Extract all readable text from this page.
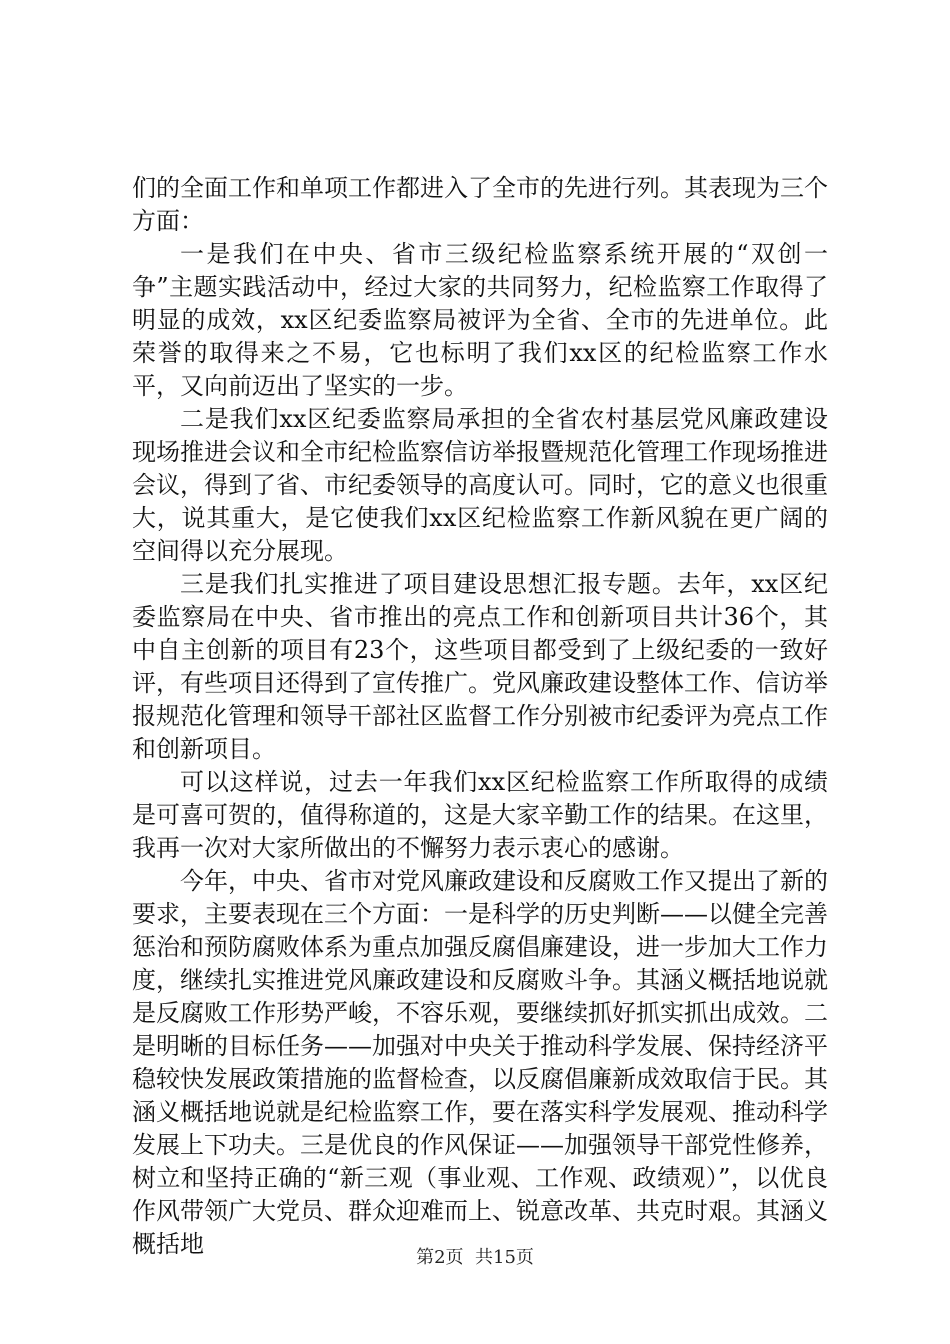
们的全面工作和单项工作都进入了全市的先进行列。其表现为三个方面：

一是我们在中央、省市三级纪检监察系统开展的“双创一争”主题实践活动中，经过大家的共同努力，纪检监察工作取得了明显的成效，xx区纪委监察局被评为全省、全市的先进单位。此荣誉的取得来之不易，它也标明了我们xx区的纪检监察工作水平，又向前迈出了坚实的一步。

二是我们xx区纪委监察局承担的全省农村基层党风廉政建设现场推进会议和全市纪检监察信访举报暨规范化管理工作现场推进会议，得到了省、市纪委领导的高度认可。同时，它的意义也很重大，说其重大，是它使我们xx区纪检监察工作新风貌在更广阔的空间得以充分展现。

三是我们扎实推进了项目建设思想汇报专题。去年，xx区纪委监察局在中央、省市推出的亮点工作和创新项目共计36个，其中自主创新的项目有23个，这些项目都受到了上级纪委的一致好评，有些项目还得到了宣传推广。党风廉政建设整体工作、信访举报规范化管理和领导干部社区监督工作分别被市纪委评为亮点工作和创新项目。

可以这样说，过去一年我们xx区纪检监察工作所取得的成绩是可喜可贺的，值得称道的，这是大家辛勤工作的结果。在这里，我再一次对大家所做出的不懈努力表示衷心的感谢。

今年，中央、省市对党风廉政建设和反腐败工作又提出了新的要求，主要表现在三个方面：一是科学的历史判断——以健全完善惩治和预防腐败体系为重点加强反腐倡廉建设，进一步加大工作力度，继续扎实推进党风廉政建设和反腐败斗争。其涵义概括地说就是反腐败工作形势严峻，不容乐观，要继续抓好抓实抓出成效。二是明晰的目标任务——加强对中央关于推动科学发展、保持经济平稳较快发展政策措施的监督检查，以反腐倡廉新成效取信于民。其涵义概括地说就是纪检监察工作，要在落实科学发展观、推动科学发展上下功夫。三是优良的作风保证——加强领导干部党性修养，树立和坚持正确的“新三观（事业观、工作观、政绩观）”，以优良作风带领广大党员、群众迎难而上、锐意改革、共克时艰。其涵义概括地	第2页  共15页
